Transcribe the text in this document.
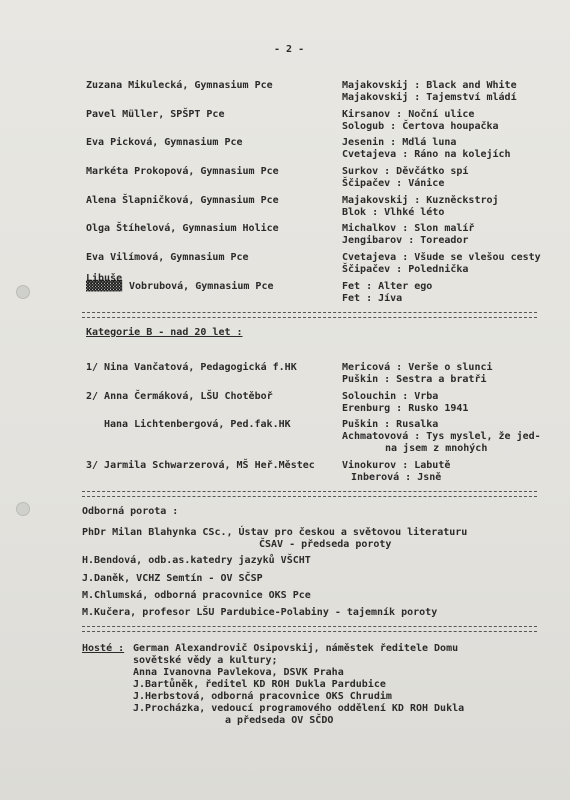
- 2 -
Zuzana Mikulecká, Gymnasium Pce	Majakovskij : Black and White
Majakovskij : Tajemství mládí
Pavel Müller, SPŠPT Pce	Kirsanov : Noční ulice
Sologub : Čertova houpačka
Eva Picková, Gymnasium Pce	Jesenin : Mdlá luna
Cvetajeva : Ráno na kolejích
Markéta Prokopová, Gymnasium Pce	Surkov : Děvčátko spí
Ščipačev : Vánice
Alena Šlapničková, Gymnasium Pce	Majakovskij : Kuzněckstroj
Blok : Vlhké léto
Olga Štíhelová, Gymnasium Holice	Michalkov : Slon malíř
Jengibarov : Toreador
Eva Vilímová, Gymnasium Pce	Cvetajeva : Všude se vlešou cesty
Ščipačev : Polednička
Libuše
▓▓▓▓▓▓ Vobrubová, Gymnasium Pce	Fet : Alter ego
Fet : Jíva
Kategorie B - nad 20 let :
1/ Nina Vančatová, Pedagogická f.HK	Mericová : Verše o slunci
Puškin : Sestra a bratři
2/ Anna Čermáková, LŠU Chotěboř	Solouchin : Vrba
Erenburg : Rusko 1941
Hana Lichtenbergová, Ped.fak.HK	Puškin : Rusalka
Achmatovová : Tys myslel, že jed-
na jsem z mnohých
3/ Jarmila Schwarzerová, MŠ Heř.Městec	Vinokurov : Labutě
Inberová : Jsně
Odborná porota :
PhDr Milan Blahynka CSc., Ústav pro českou a světovou literaturu
ČSAV - předseda poroty
H.Bendová, odb.as.katedry jazyků VŠCHT
J.Daněk, VCHZ Semtín - OV SČSP
M.Chlumská, odborná pracovnice OKS Pce
M.Kučera, profesor LŠU Pardubice-Polabiny - tajemník poroty
Hosté : German Alexandrovič Osipovskij, náměstek ředitele Domu
sovětské vědy a kultury;
Anna Ivanovna Pavlekova, DSVK Praha
J.Bartůněk, ředitel KD ROH Dukla Pardubice
J.Herbstová, odborná pracovnice OKS Chrudim
J.Procházka, vedoucí programového oddělení KD ROH Dukla
a předseda OV SČDO
